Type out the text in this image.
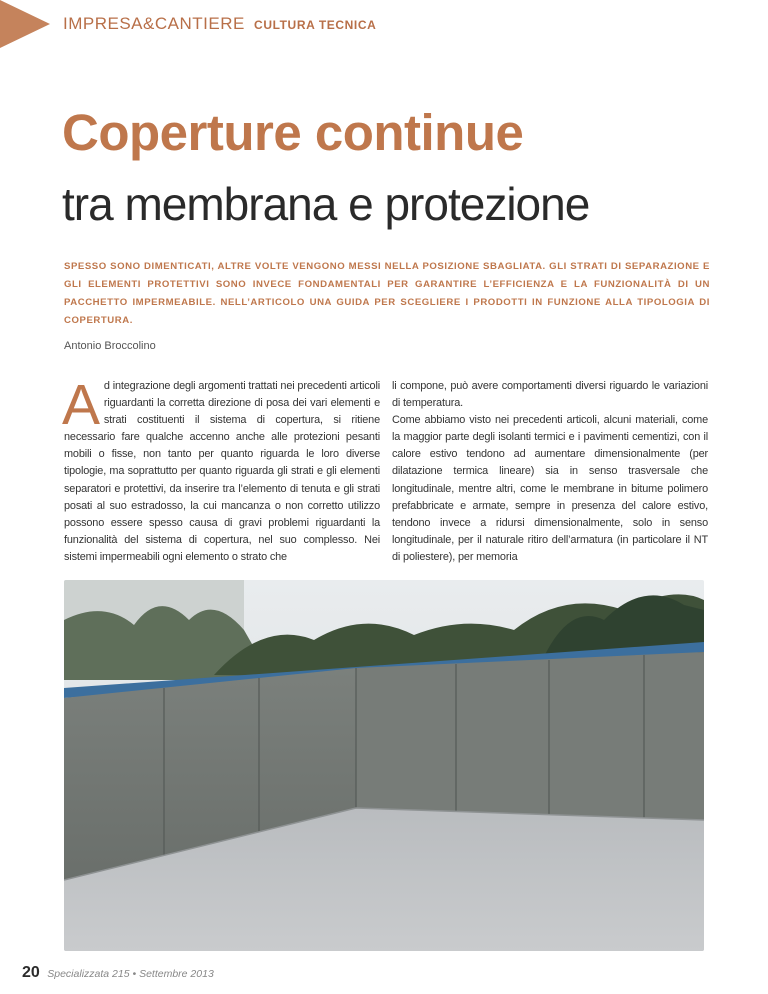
IMPRESA&CANTIERE CULTURA TECNICA
Coperture continue
tra membrana e protezione
SPESSO SONO DIMENTICATI, ALTRE VOLTE VENGONO MESSI NELLA POSIZIONE SBAGLIATA. GLI STRATI DI SEPARAZIONE E GLI ELEMENTI PROTETTIVI SONO INVECE FONDAMENTALI PER GARANTIRE L’EFFICIENZA E LA FUNZIONALITÀ DI UN PACCHETTO IMPERMEABILE. NELL’ARTICOLO UNA GUIDA PER SCEGLIERE I PRODOTTI IN FUNZIONE ALLA TIPOLOGIA DI COPERTURA.
Antonio Broccolino
A d integrazione degli argomenti trattati nei precedenti articoli riguardanti la corretta direzione di posa dei vari elementi e strati costituenti il sistema di copertura, si ritiene necessario fare qualche accenno anche alle protezioni pesanti mobili o fisse, non tanto per quanto riguarda le loro diverse tipologie, ma soprattutto per quanto riguarda gli strati e gli elementi separatori e protettivi, da inserire tra l’elemento di tenuta e gli strati posati al suo estradosso, la cui mancanza o non corretto utilizzo possono essere spesso causa di gravi problemi riguardanti la funzionalità del sistema di copertura, nel suo complesso. Nei sistemi impermeabili ogni elemento o strato che

li compone, può avere comportamenti diversi riguardo le variazioni di temperatura.

Come abbiamo visto nei precedenti articoli, alcuni materiali, come la maggior parte degli isolanti termici e i pavimenti cementizi, con il calore estivo tendono ad aumentare dimensionalmente (per dilatazione termica lineare) sia in senso trasversale che longitudinale, mentre altri, come le membrane in bitume polimero prefabbricate e armate, sempre in presenza del calore estivo, tendono invece a ridursi dimensionalmente, solo in senso longitudinale, per il naturale ritiro dell’armatura (in particolare il NT di poliestere), per memoria

20 Specializzata 215 • Settembre 2013
